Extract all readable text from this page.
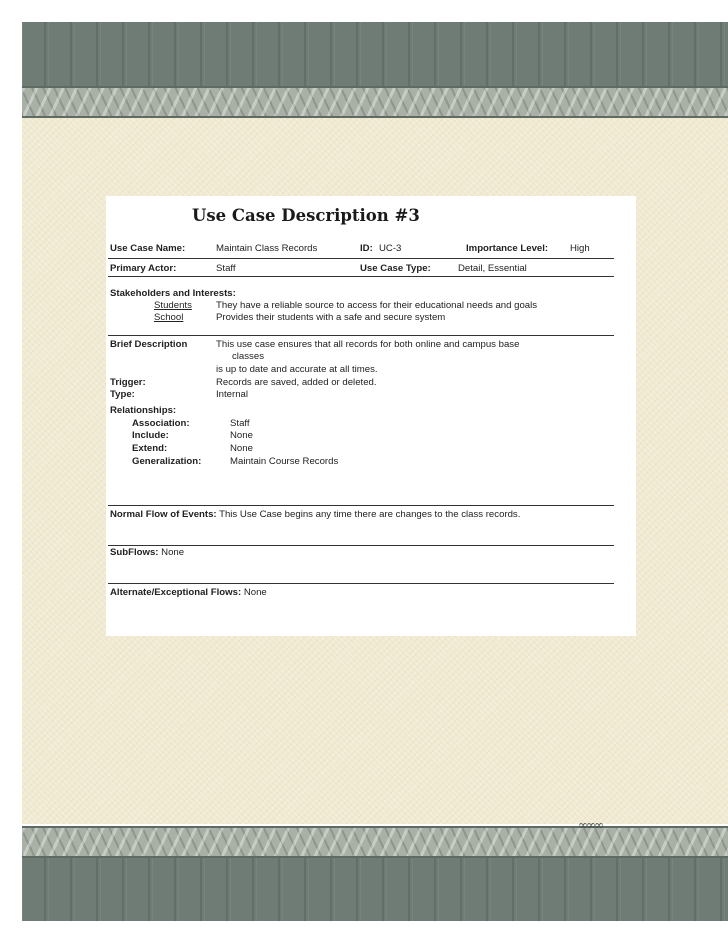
∞∞∞
Use Case Description #3
Use Case Name:	Maintain Class Records	ID: UC-3	Importance Level: High
Primary Actor:	Staff	Use Case Type:	Detail, Essential
Stakeholders and Interests:
Students	They have a reliable source to access for their educational needs and goals
School	Provides their students with a safe and secure system
Brief Description	This use case ensures that all records for both online and campus base
classes
is up to date and accurate at all times.
Trigger:	Records are saved, added or deleted.
Type:	Internal
Relationships:
Association:	Staff
Include:	None
Extend:	None
Generalization:	Maintain Course Records
Normal Flow of Events: This Use Case begins any time there are changes to the class records.
SubFlows: None
Alternate/Exceptional Flows: None
